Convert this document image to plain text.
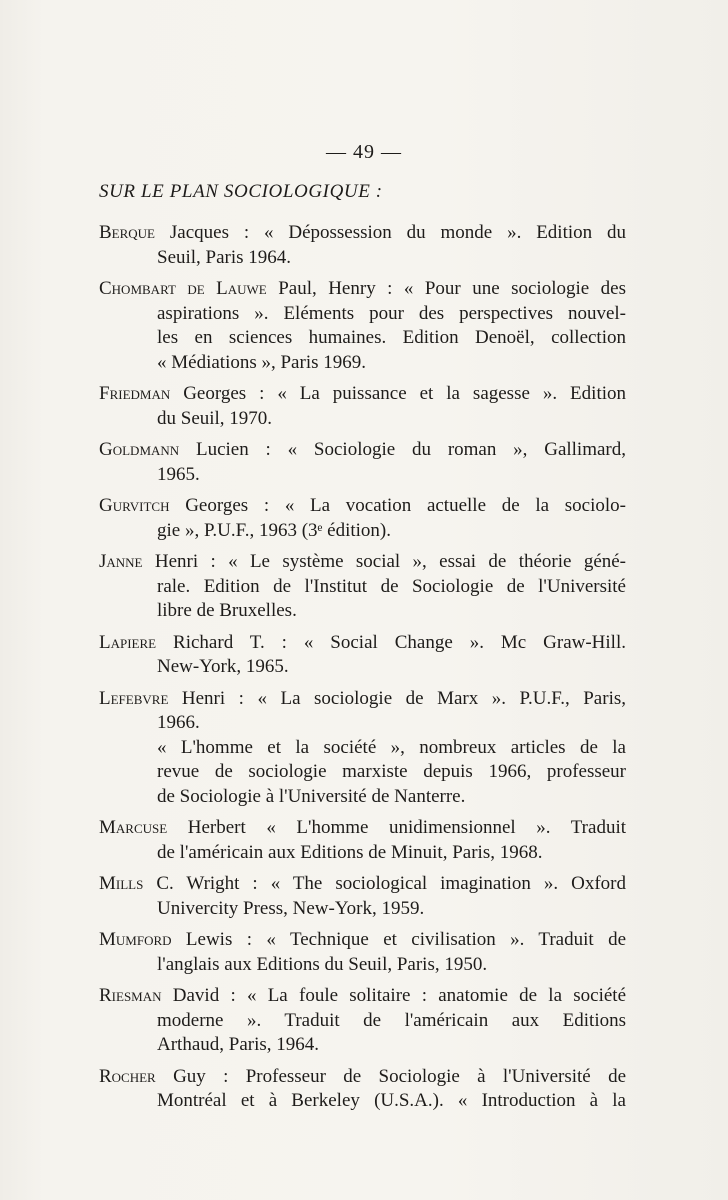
— 49 —
SUR LE PLAN SOCIOLOGIQUE :
Berque Jacques : « Dépossession du monde ». Edition du
Seuil, Paris 1964.
Chombart de Lauwe Paul, Henry : « Pour une sociologie des
aspirations ». Eléments pour des perspectives nouvel-
les en sciences humaines. Edition Denoël, collection
« Médiations », Paris 1969.
Friedman Georges : « La puissance et la sagesse ». Edition
du Seuil, 1970.
Goldmann Lucien : « Sociologie du roman », Gallimard,
1965.
Gurvitch Georges : « La vocation actuelle de la sociolo-
gie », P.U.F., 1963 (3ᵉ édition).
Janne Henri : « Le système social », essai de théorie géné-
rale. Edition de l'Institut de Sociologie de l'Université
libre de Bruxelles.
Lapiere Richard T. : « Social Change ». Mc Graw-Hill.
New-York, 1965.
Lefebvre Henri : « La sociologie de Marx ». P.U.F., Paris,
1966.
« L'homme et la société », nombreux articles de la
revue de sociologie marxiste depuis 1966, professeur
de Sociologie à l'Université de Nanterre.
Marcuse Herbert « L'homme unidimensionnel ». Traduit
de l'américain aux Editions de Minuit, Paris, 1968.
Mills C. Wright : « The sociological imagination ». Oxford
Univercity Press, New-York, 1959.
Mumford Lewis : « Technique et civilisation ». Traduit de
l'anglais aux Editions du Seuil, Paris, 1950.
Riesman David : « La foule solitaire : anatomie de la société
moderne ». Traduit de l'américain aux Editions
Arthaud, Paris, 1964.
Rocher Guy : Professeur de Sociologie à l'Université de
Montréal et à Berkeley (U.S.A.). « Introduction à la
